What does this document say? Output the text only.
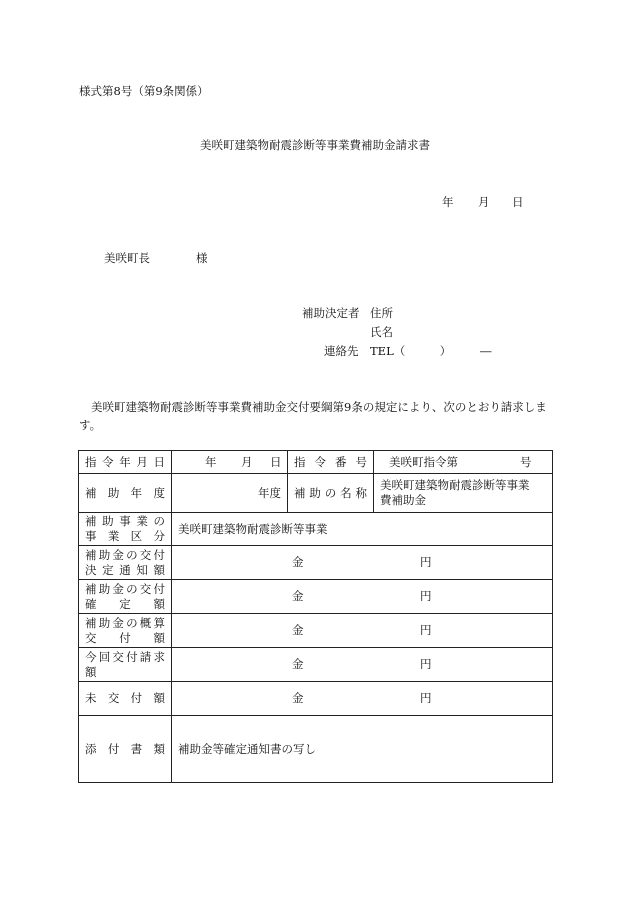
様式第8号（第9条関係）
美咲町建築物耐震診断等事業費補助金請求書
年 月 日
美咲町長	様
補助決定者 住所
氏名
連絡先 TEL（　　　）　　　―
美咲町建築物耐震診断等事業費補助金交付要綱第9条の規定により、次のとおり請求しま
す。
指令年月日	年 月 日	指令番号	美咲町指令第 号

補助年度	年度	補助の名称	美咲町建築物耐震診断等事業
費補助金

補助事業の
事業区分	美咲町建築物耐震診断等事業		

補助金の交付
決定通知額	金 円		

補助金の交付
確定額	金 円		

補助金の概算
交付額	金 円		

今回交付請求額	金 円		

未交付額	金 円		

添付書類	補助金等確定通知書の写し		
